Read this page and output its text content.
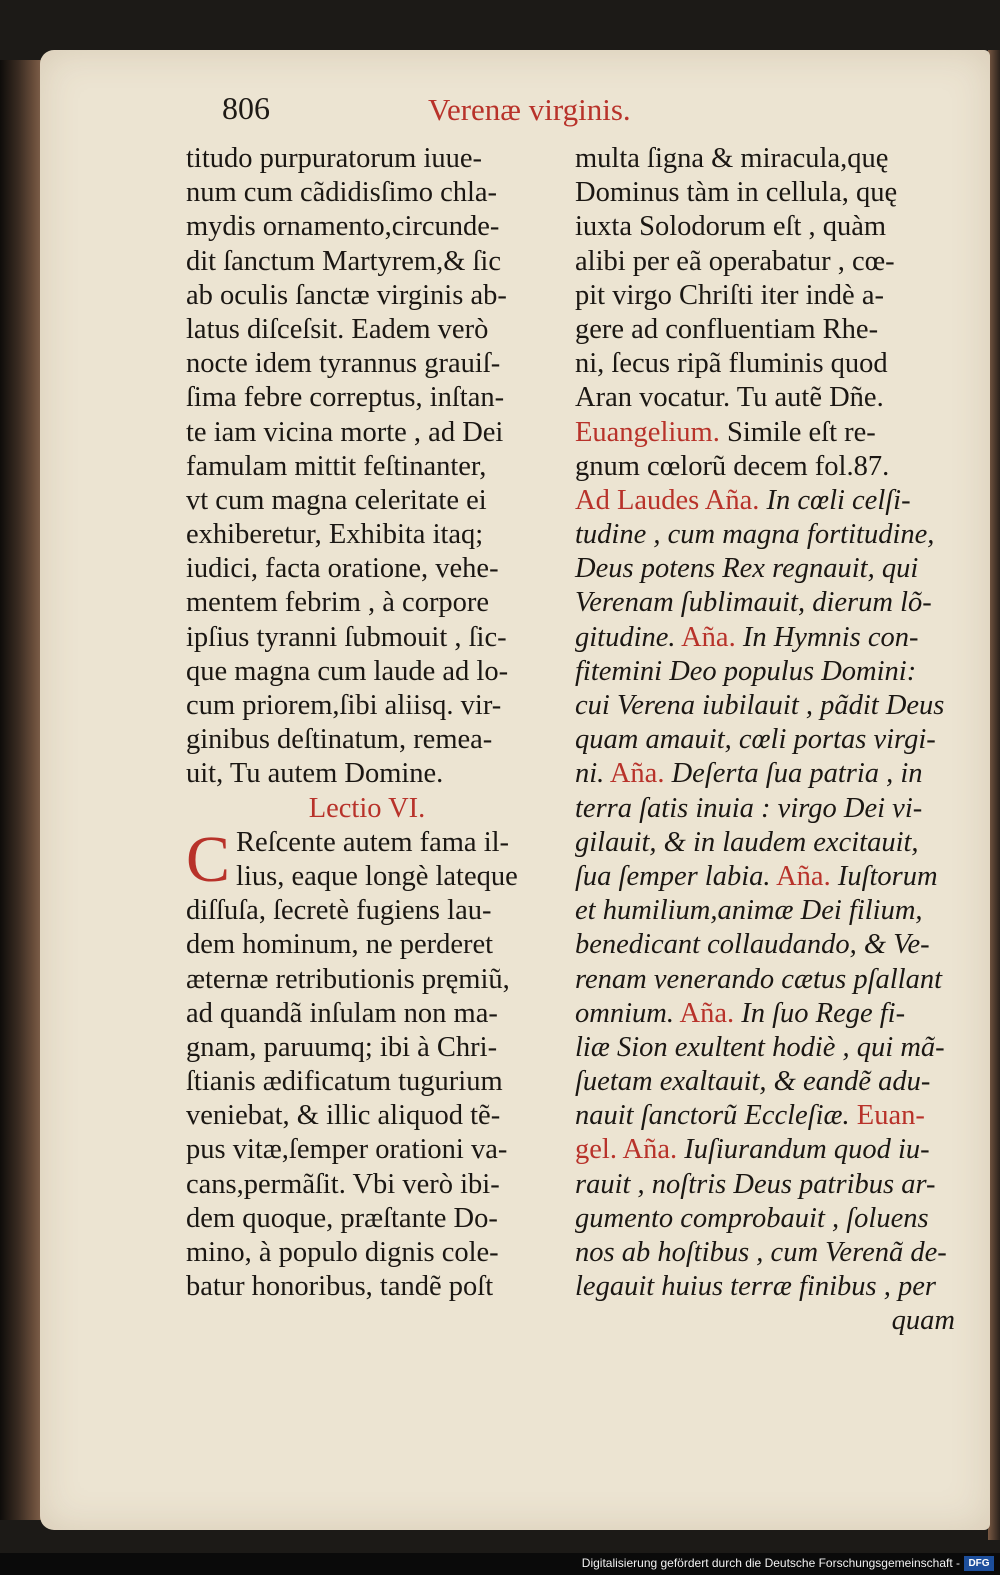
806	Verenæ virginis.
titudo purpuratorum iuue-
num cum cãdidisſimo chla-
mydis ornamento,circunde-
dit ſanctum Martyrem,& ſic
ab oculis ſanctæ virginis ab-
latus diſceſsit. Eadem verò
nocte idem tyrannus grauiſ-
ſima febre correptus, inſtan-
te iam vicina morte , ad Dei
famulam mittit feſtinanter,
vt cum magna celeritate ei
exhiberetur, Exhibita itaq;
iudici, facta oratione, vehe-
mentem febrim , à corpore
ipſius tyranni ſubmouit , ſic-
que magna cum laude ad lo-
cum priorem,ſibi aliisq. vir-
ginibus deſtinatum, remea-
uit, Tu autem Domine.
Lectio VI.
C Reſcente autem fama il-
lius, eaque longè lateque
diſſuſa, ſecretè fugiens lau-
dem hominum, ne perderet
æternæ retributionis pręmiũ,
ad quandã inſulam non ma-
gnam, paruumq; ibi à Chri-
ſtianis ædificatum tugurium
veniebat, & illic aliquod tẽ-
pus vitæ,ſemper orationi va-
cans,permãſit. Vbi verò ibi-
dem quoque, præſtante Do-
mino, à populo dignis cole-
batur honoribus, tandẽ poſt
multa ſigna & miracula,quę
Dominus tàm in cellula, quę
iuxta Solodorum eſt , quàm
alibi per eã operabatur , cœ-
pit virgo Chriſti iter indè a-
gere ad confluentiam Rhe-
ni, ſecus ripã fluminis quod
Aran vocatur. Tu autẽ Dñe.
Euangelium. Simile eſt re-
gnum cœlorũ decem fol.87.
Ad Laudes Añа. In cœli celſi-
tudine , cum magna fortitudine,
Deus potens Rex regnauit, qui
Verenam ſublimauit, dierum lõ-
gitudine. Aña. In Hymnis con-
fitemini Deo populus Domini:
cui Verena iubilauit , pãdit Deus
quam amauit, cœli portas virgi-
ni. Aña. Deſerta ſua patria , in
terra ſatis inuia : virgo Dei vi-
gilauit, & in laudem excitauit,
ſua ſemper labia. Aña. Iuſtorum
et humilium,animæ Dei filium,
benedicant collaudando, & Ve-
renam venerando cætus pſallant
omnium. Aña. In ſuo Rege fi-
liæ Sion exultent hodiè , qui mã-
ſuetam exaltauit, & eandẽ adu-
nauit ſanctorũ Eccleſiæ. Euan-
gel. Aña. Iuſiurandum quod iu-
rauit , noſtris Deus patribus ar-
gumento comprobauit , ſoluens
nos ab hoſtibus , cum Verenã de-
legauit huius terræ finibus , per
quam
Digitalisierung gefördert durch die Deutsche Forschungsgemeinschaft - DFG
